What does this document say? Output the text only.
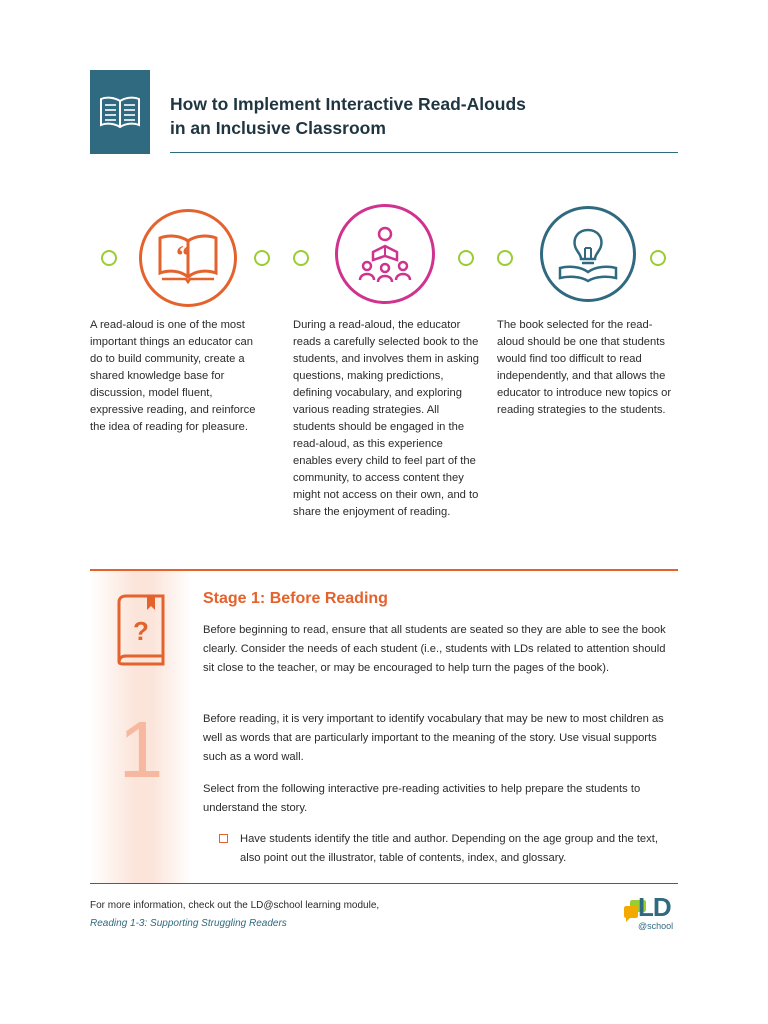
How to Implement Interactive Read-Alouds
in an Inclusive Classroom
“
A read-aloud is one of the most important things an educator can do to build community, create a shared knowledge base for discussion, model fluent, expressive reading, and reinforce the idea of reading for pleasure.
During a read-aloud, the educator reads a carefully selected book to the students, and involves them in asking questions, making predictions, defining vocabulary, and exploring various reading strategies. All students should be engaged in the read-aloud, as this experience enables every child to feel part of the community, to access content they might not access on their own, and to share the enjoyment of reading.
The book selected for the read-aloud should be one that students would find too difficult to read independently, and that allows the educator to introduce new topics or reading strategies to the students.
?
1
Stage 1: Before Reading
Before beginning to read, ensure that all students are seated so they are able to see the book clearly. Consider the needs of each student (i.e., students with LDs related to attention should sit close to the teacher, or may be encouraged to help turn the pages of the book).
Before reading, it is very important to identify vocabulary that may be new to most children as well as words that are particularly important to the meaning of the story. Use visual supports such as a word wall.
Select from the following interactive pre-reading activities to help prepare the students to understand the story.
Have students identify the title and author. Depending on the age group and the text, also point out the illustrator, table of contents, index, and glossary.
For more information, check out the LD@school learning module,
Reading 1-3: Supporting Struggling Readers
LD
@school
